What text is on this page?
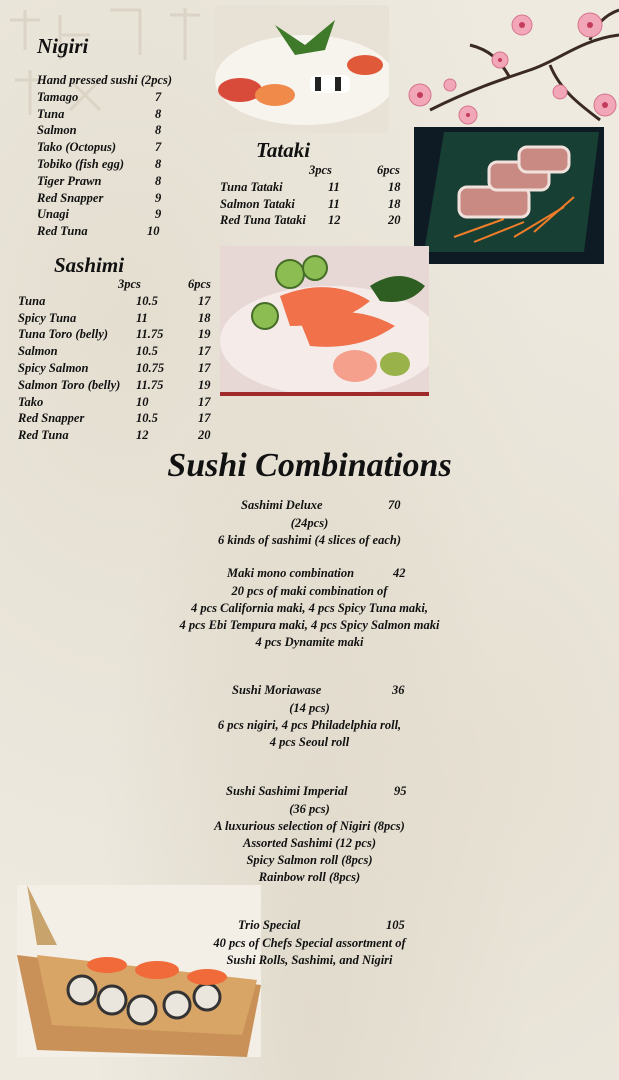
Nigiri
Hand pressed sushi (2pcs)
Tamago	7
Tuna	8
Salmon	8
Tako (Octopus)	7
Tobiko (fish egg) 8
Tiger Prawn	8
Red Snapper	9
Unagi	9
Red Tuna	10
Tataki
3pcs	6pcs
Tuna Tataki	11	18
Salmon Tataki	11	18
Red Tuna Tataki 12	20
Sashimi
3pcs	6pcs
Tuna	10.5	17
Spicy Tuna	11	18
Tuna Toro (belly) 11.75	19
Salmon	10.5	17
Spicy Salmon	10.75	17
Salmon Toro (belly) 11.75	19
Tako	10	17
Red Snapper	10.5	17
Red Tuna	12	20
Sushi Combinations
Sashimi Deluxe	70
(24pcs)
6 kinds of sashimi (4 slices of each)
Maki mono combination	42
20 pcs of maki combination of
4 pcs California maki, 4 pcs Spicy Tuna maki,
4 pcs Ebi Tempura maki, 4 pcs Spicy Salmon maki
4 pcs Dynamite maki
Sushi Moriawase	36
(14 pcs)
6 pcs nigiri, 4 pcs Philadelphia roll,
4 pcs Seoul roll
Sushi Sashimi Imperial	95
(36 pcs)
A luxurious selection of Nigiri (8pcs)
Assorted Sashimi (12 pcs)
Spicy Salmon roll (8pcs)
Rainbow roll (8pcs)
Trio Special	105
40 pcs of Chefs Special assortment of
Sushi Rolls, Sashimi, and Nigiri
